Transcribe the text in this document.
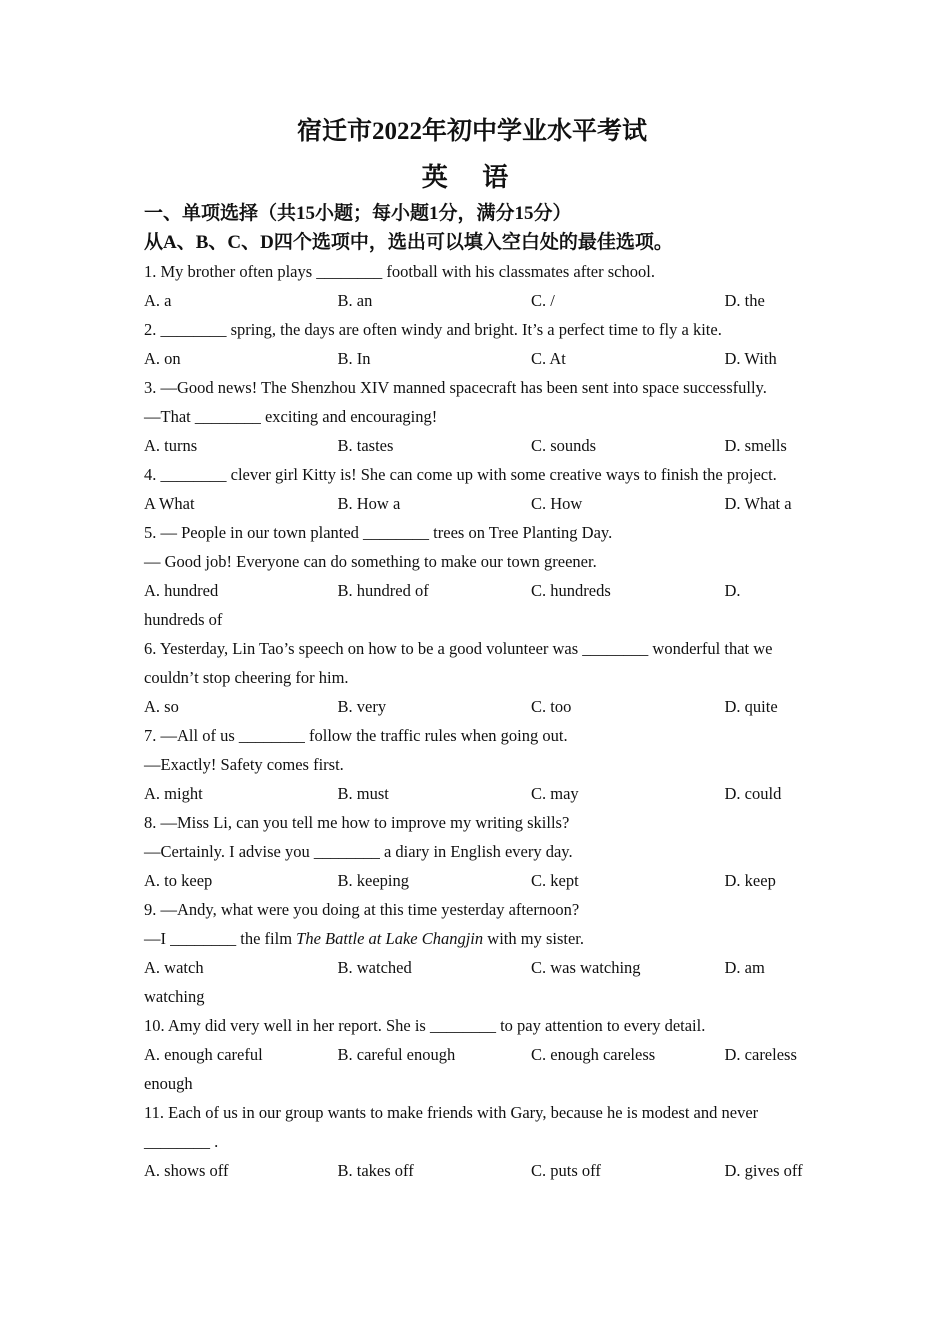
宿迁市2022年初中学业水平考试
英 语
一、单项选择（共15小题；每小题1分，满分15分）
从A、B、C、D四个选项中，选出可以填入空白处的最佳选项。
1. My brother often plays ________ football with his classmates after school.
A. a	B. an	C. /	D. the
2. ________ spring, the days are often windy and bright. It’s a perfect time to fly a kite.
A. on	B. In	C. At	D. With
3. —Good news! The Shenzhou XIV manned spacecraft has been sent into space successfully.
—That ________ exciting and encouraging!
A. turns	B. tastes	C. sounds	D. smells
4. ________ clever girl Kitty is! She can come up with some creative ways to finish the project.
A What	B. How a	C. How	D. What a
5. — People in our town planted ________ trees on Tree Planting Day.
— Good job! Everyone can do something to make our town greener.
A. hundred	B. hundred of	C. hundreds	D.
hundreds of
6. Yesterday, Lin Tao’s speech on how to be a good volunteer was ________ wonderful that we
couldn’t stop cheering for him.
A. so	B. very	C. too	D. quite
7. —All of us ________ follow the traffic rules when going out.
—Exactly! Safety comes first.
A. might	B. must	C. may	D. could
8. —Miss Li, can you tell me how to improve my writing skills?
—Certainly. I advise you ________ a diary in English every day.
A. to keep	B. keeping	C. kept	D. keep
9. —Andy, what were you doing at this time yesterday afternoon?
—I ________ the film The Battle at Lake Changjin with my sister.
A. watch	B. watched	C. was watching	D. am
watching
10. Amy did very well in her report. She is ________ to pay attention to every detail.
A. enough careful	B. careful enough	C. enough careless	D. careless
enough
11. Each of us in our group wants to make friends with Gary, because he is modest and never
________ .
A. shows off	B. takes off	C. puts off	D. gives off
